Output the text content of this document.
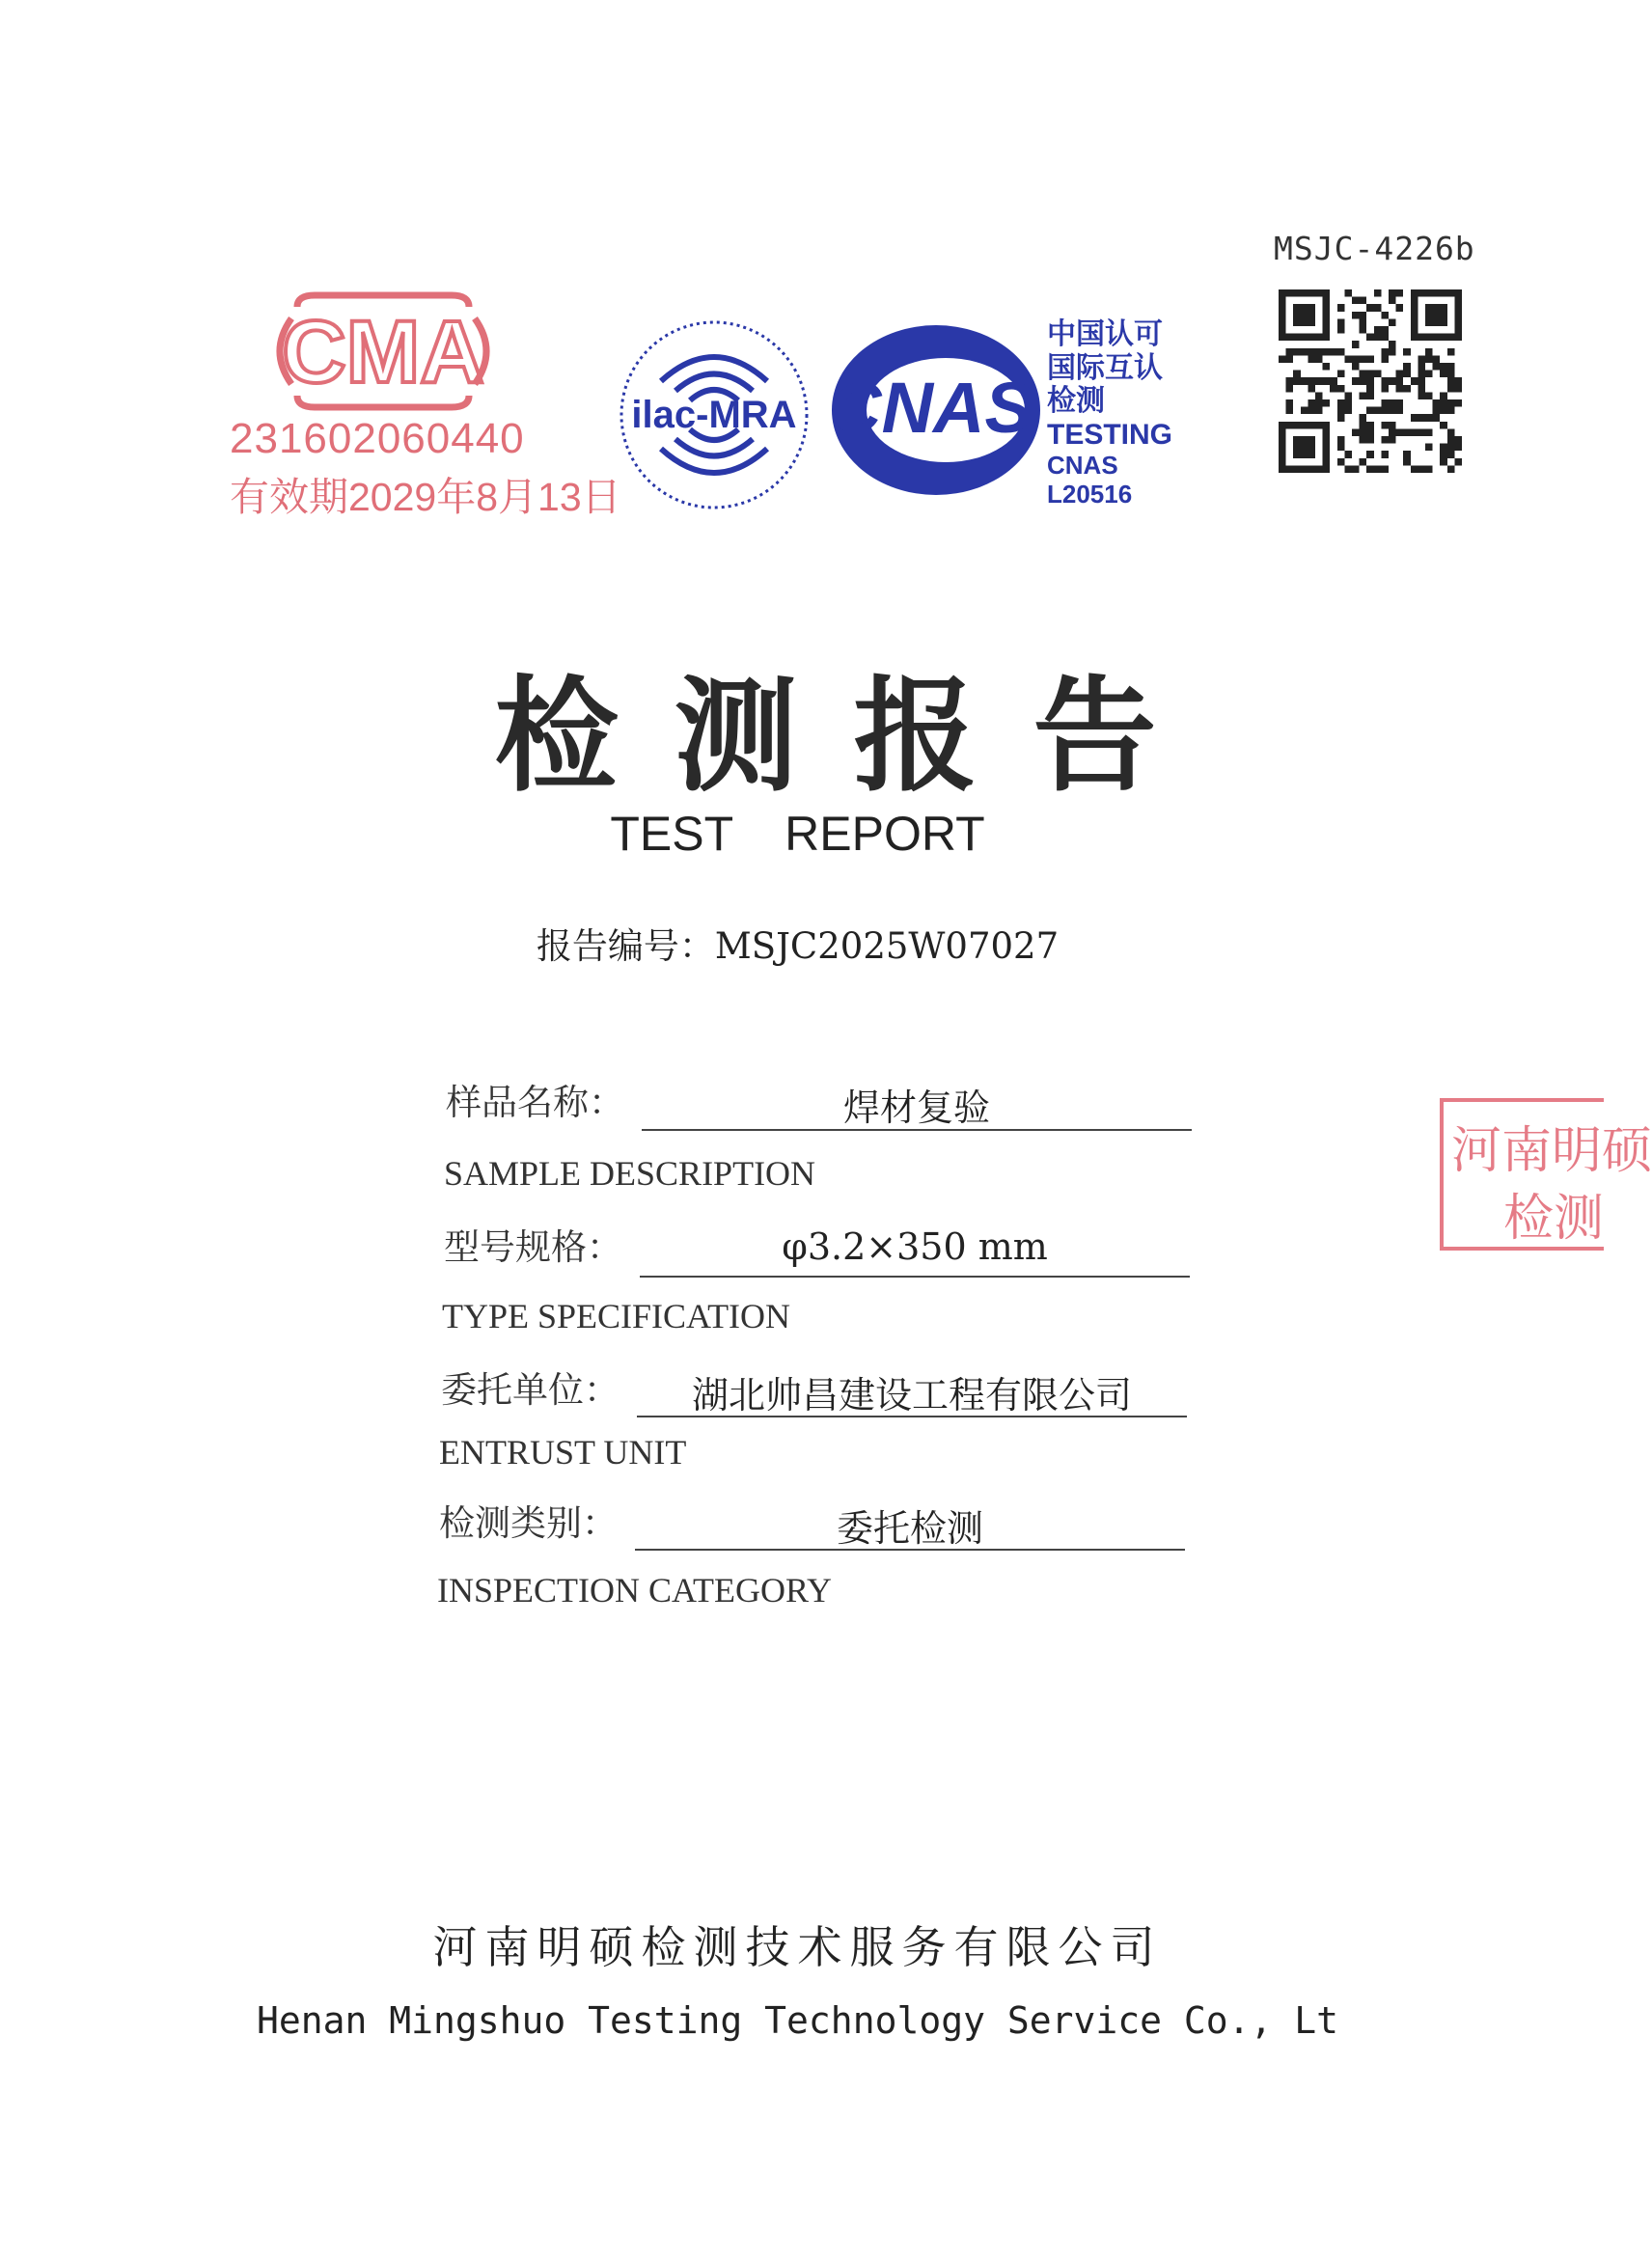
MSJC-4226b
CMA
231602060440
有效期2029年8月13日
ilac-MRA CNAS
中国认可
国际互认
检测
TESTING
CNAS L20516
检测报告
TEST REPORT
报告编号：MSJC2025W07027
样品名称：	焊材复验
SAMPLE DESCRIPTION
型号规格：	φ3.2×350 mm
TYPE SPECIFICATION
委托单位：	湖北帅昌建设工程有限公司
ENTRUST UNIT
检测类别：	委托检测
INSPECTION CATEGORY
河南明硕
检测
河南明硕检测技术服务有限公司
Henan Mingshuo Testing Technology Service Co., Lt
